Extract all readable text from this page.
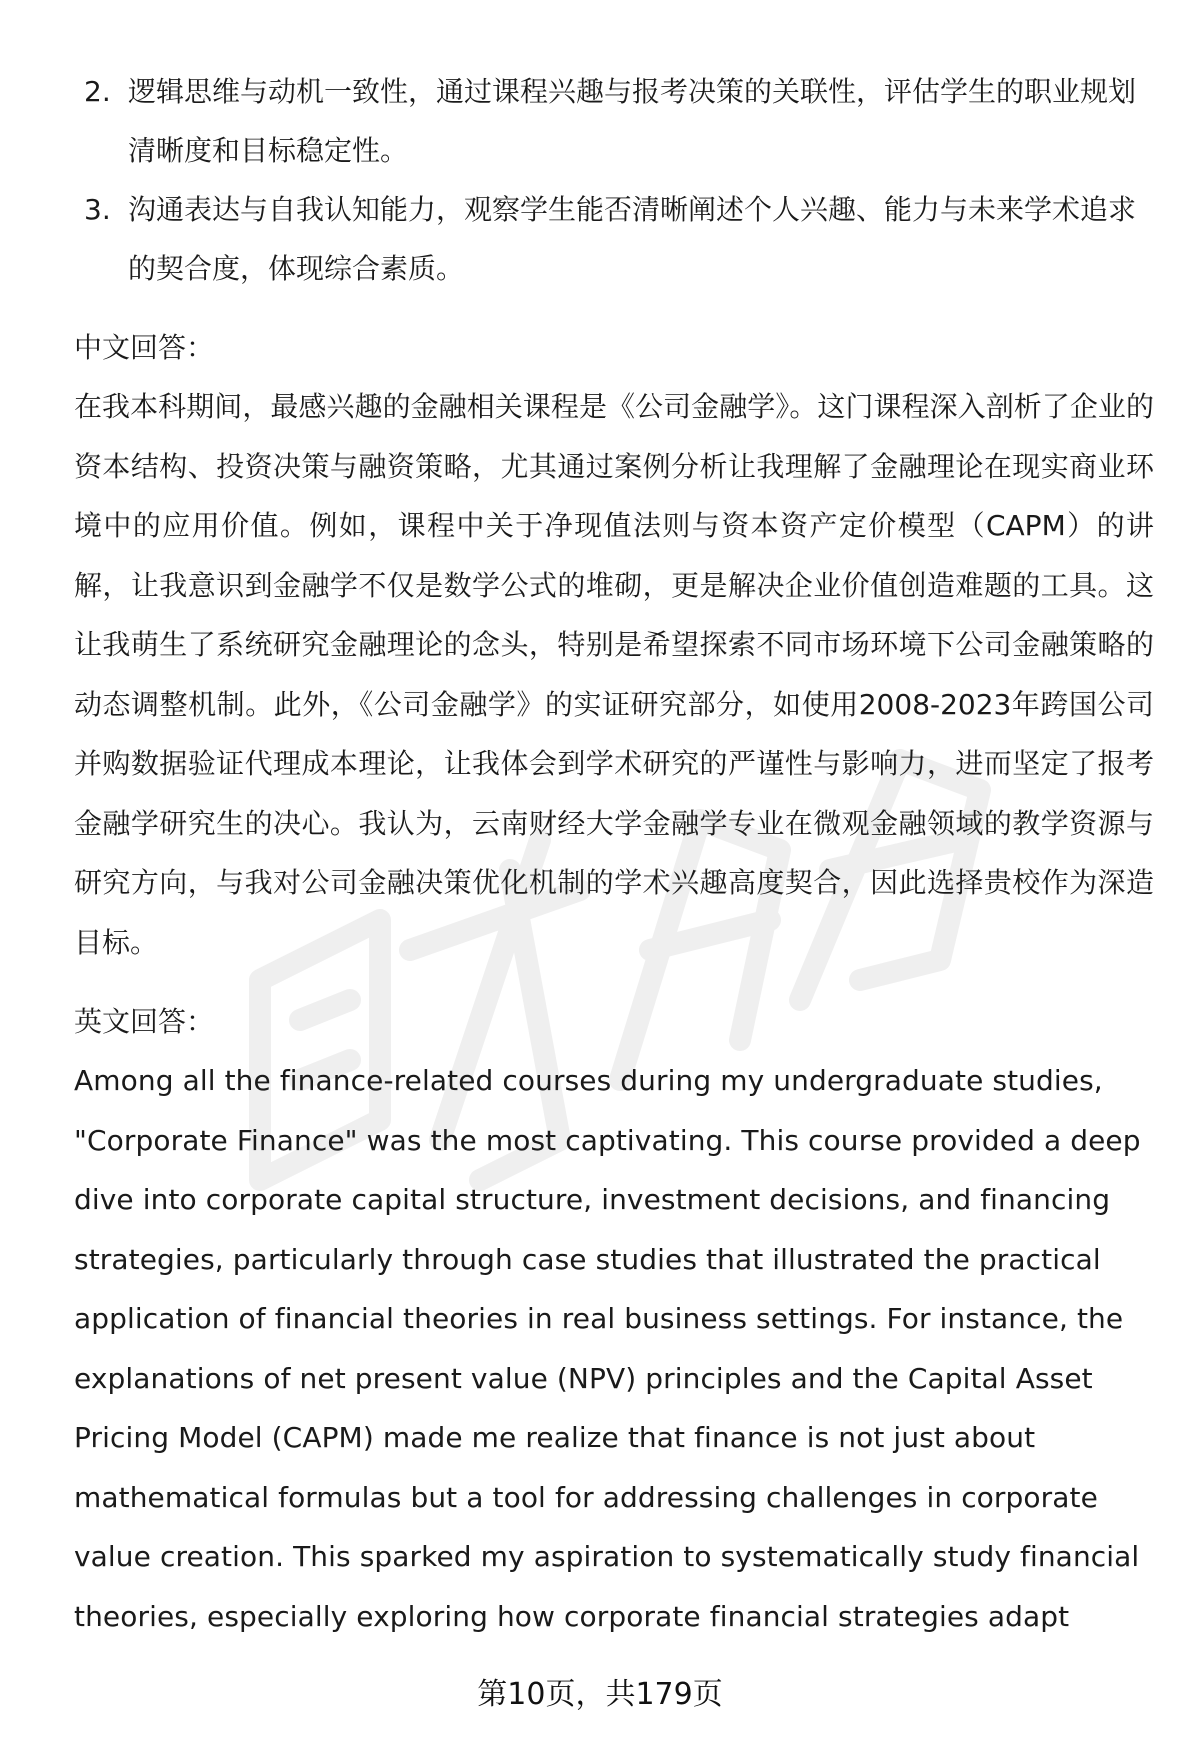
2. 逻辑思维与动机一致性，通过课程兴趣与报考决策的关联性，评估学生的职业规划清晰度和目标稳定性。
3. 沟通表达与自我认知能力，观察学生能否清晰阐述个人兴趣、能力与未来学术追求的契合度，体现综合素质。
中文回答：

在我本科期间，最感兴趣的金融相关课程是《公司金融学》。这门课程深入剖析了企业的资本结构、投资决策与融资策略，尤其通过案例分析让我理解了金融理论在现实商业环境中的应用价值。例如，课程中关于净现值法则与资本资产定价模型（CAPM）的讲解，让我意识到金融学不仅是数学公式的堆砌，更是解决企业价值创造难题的工具。这让我萌生了系统研究金融理论的念头，特别是希望探索不同市场环境下公司金融策略的动态调整机制。此外，《公司金融学》的实证研究部分，如使用2008-2023年跨国公司并购数据验证代理成本理论，让我体会到学术研究的严谨性与影响力，进而坚定了报考金融学研究生的决心。我认为，云南财经大学金融学专业在微观金融领域的教学资源与研究方向，与我对公司金融决策优化机制的学术兴趣高度契合，因此选择贵校作为深造目标。

英文回答：

Among all the finance-related courses during my undergraduate studies, "Corporate Finance" was the most captivating. This course provided a deep dive into corporate capital structure, investment decisions, and financing strategies, particularly through case studies that illustrated the practical application of financial theories in real business settings. For instance, the explanations of net present value (NPV) principles and the Capital Asset Pricing Model (CAPM) made me realize that finance is not just about mathematical formulas but a tool for addressing challenges in corporate value creation. This sparked my aspiration to systematically study financial theories, especially exploring how corporate financial strategies adapt

第10页，共179页
